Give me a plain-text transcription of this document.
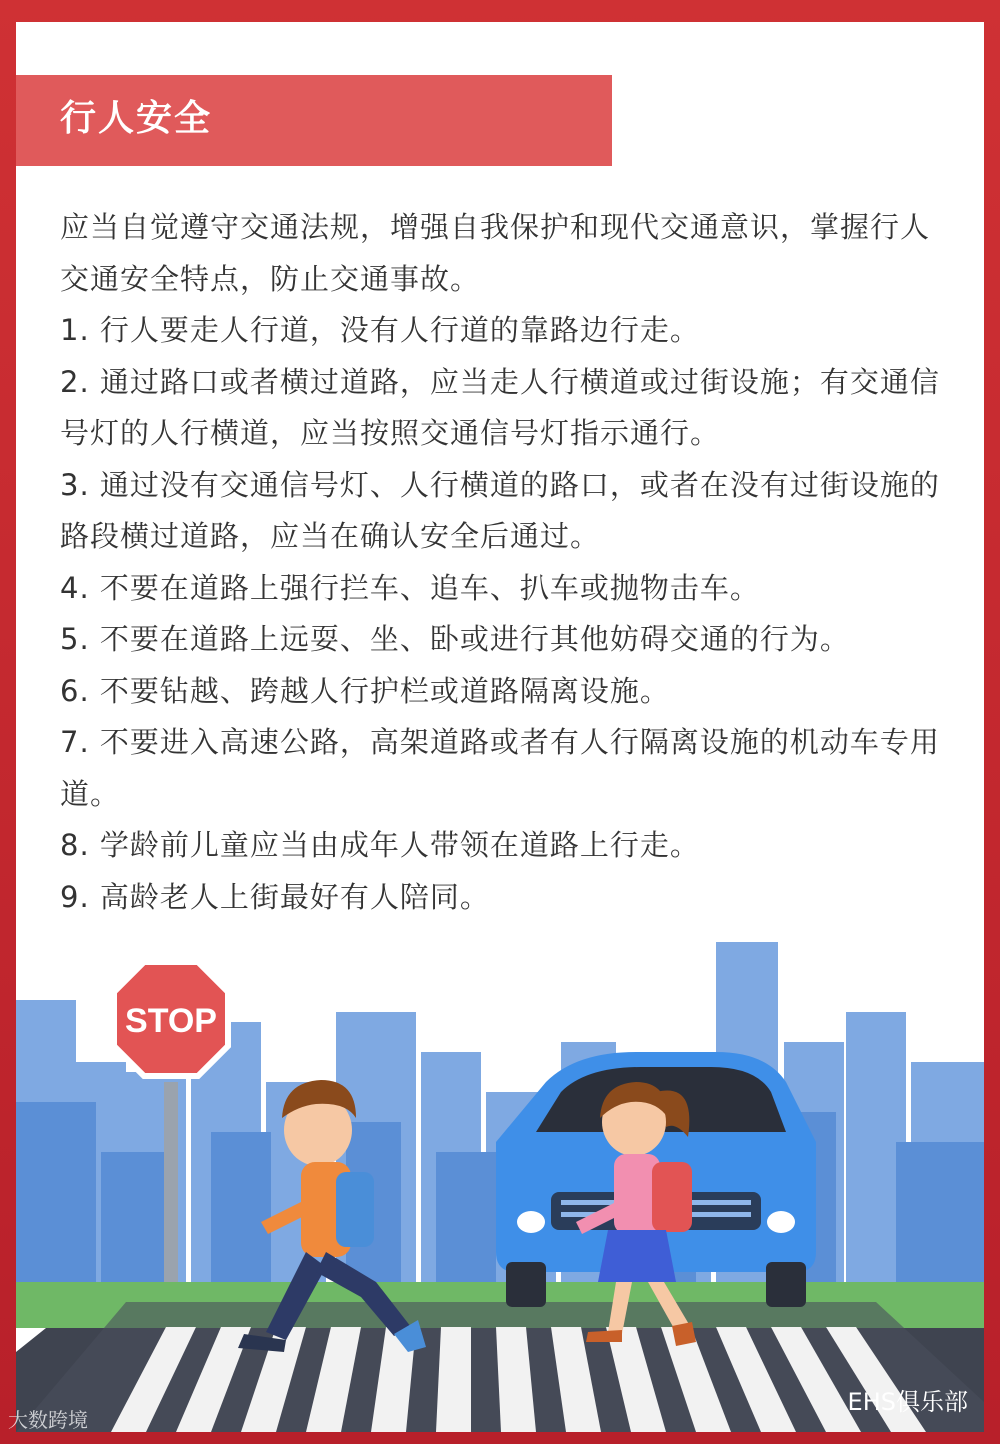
行人安全

应当自觉遵守交通法规，增强自我保护和现代交通意识，掌握行人交通安全特点，防止交通事故。

1. 行人要走人行道，没有人行道的靠路边行走。

2. 通过路口或者横过道路，应当走人行横道或过街设施；有交通信号灯的人行横道，应当按照交通信号灯指示通行。

3. 通过没有交通信号灯、人行横道的路口，或者在没有过街设施的路段横过道路，应当在确认安全后通过。

4. 不要在道路上强行拦车、追车、扒车或抛物击车。

5. 不要在道路上远耍、坐、卧或进行其他妨碍交通的行为。

6. 不要钻越、跨越人行护栏或道路隔离设施。

7. 不要进入高速公路，高架道路或者有人行隔离设施的机动车专用道。

8. 学龄前儿童应当由成年人带领在道路上行走。

9. 高龄老人上街最好有人陪同。

STOP
大数跨境
EHS俱乐部
